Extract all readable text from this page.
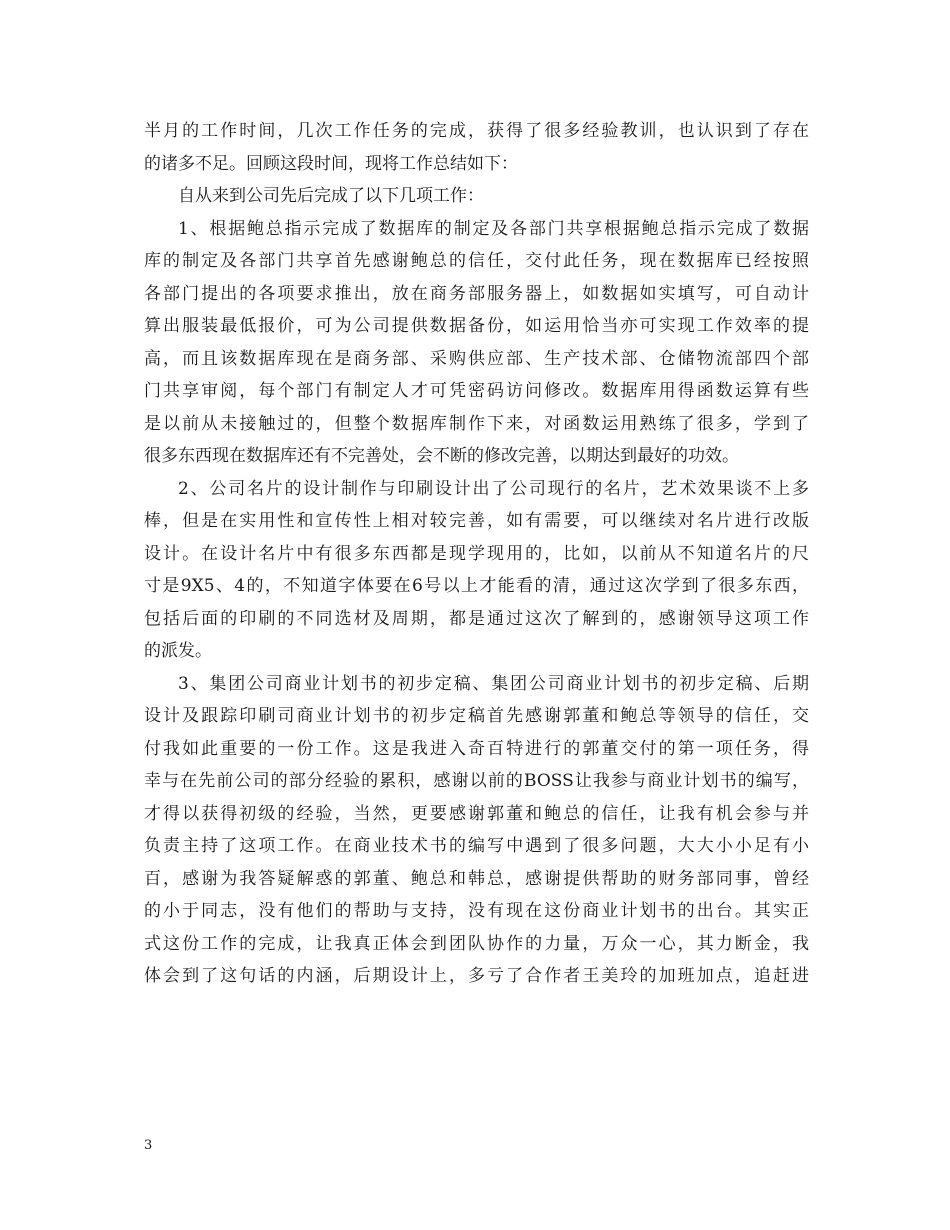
半月的工作时间，几次工作任务的完成，获得了很多经验教训，也认识到了存在
的诸多不足。回顾这段时间，现将工作总结如下：
自从来到公司先后完成了以下几项工作：
1、根据鲍总指示完成了数据库的制定及各部门共享根据鲍总指示完成了数据
库的制定及各部门共享首先感谢鲍总的信任，交付此任务，现在数据库已经按照
各部门提出的各项要求推出，放在商务部服务器上，如数据如实填写，可自动计
算出服装最低报价，可为公司提供数据备份，如运用恰当亦可实现工作效率的提
高，而且该数据库现在是商务部、采购供应部、生产技术部、仓储物流部四个部
门共享审阅，每个部门有制定人才可凭密码访问修改。数据库用得函数运算有些
是以前从未接触过的，但整个数据库制作下来，对函数运用熟练了很多，学到了
很多东西现在数据库还有不完善处，会不断的修改完善，以期达到最好的功效。
2、公司名片的设计制作与印刷设计出了公司现行的名片，艺术效果谈不上多
棒，但是在实用性和宣传性上相对较完善，如有需要，可以继续对名片进行改版
设计。在设计名片中有很多东西都是现学现用的，比如，以前从不知道名片的尺
寸是9X5、4的，不知道字体要在6号以上才能看的清，通过这次学到了很多东西，
包括后面的印刷的不同选材及周期，都是通过这次了解到的，感谢领导这项工作
的派发。
3、集团公司商业计划书的初步定稿、集团公司商业计划书的初步定稿、后期
设计及跟踪印刷司商业计划书的初步定稿首先感谢郭董和鲍总等领导的信任，交
付我如此重要的一份工作。这是我进入奇百特进行的郭董交付的第一项任务，得
幸与在先前公司的部分经验的累积，感谢以前的BOSS让我参与商业计划书的编写，
才得以获得初级的经验，当然，更要感谢郭董和鲍总的信任，让我有机会参与并
负责主持了这项工作。在商业技术书的编写中遇到了很多问题，大大小小足有小
百，感谢为我答疑解惑的郭董、鲍总和韩总，感谢提供帮助的财务部同事，曾经
的小于同志，没有他们的帮助与支持，没有现在这份商业计划书的出台。其实正
式这份工作的完成，让我真正体会到团队协作的力量，万众一心，其力断金，我
体会到了这句话的内涵，后期设计上，多亏了合作者王美玲的加班加点，追赶进
3
